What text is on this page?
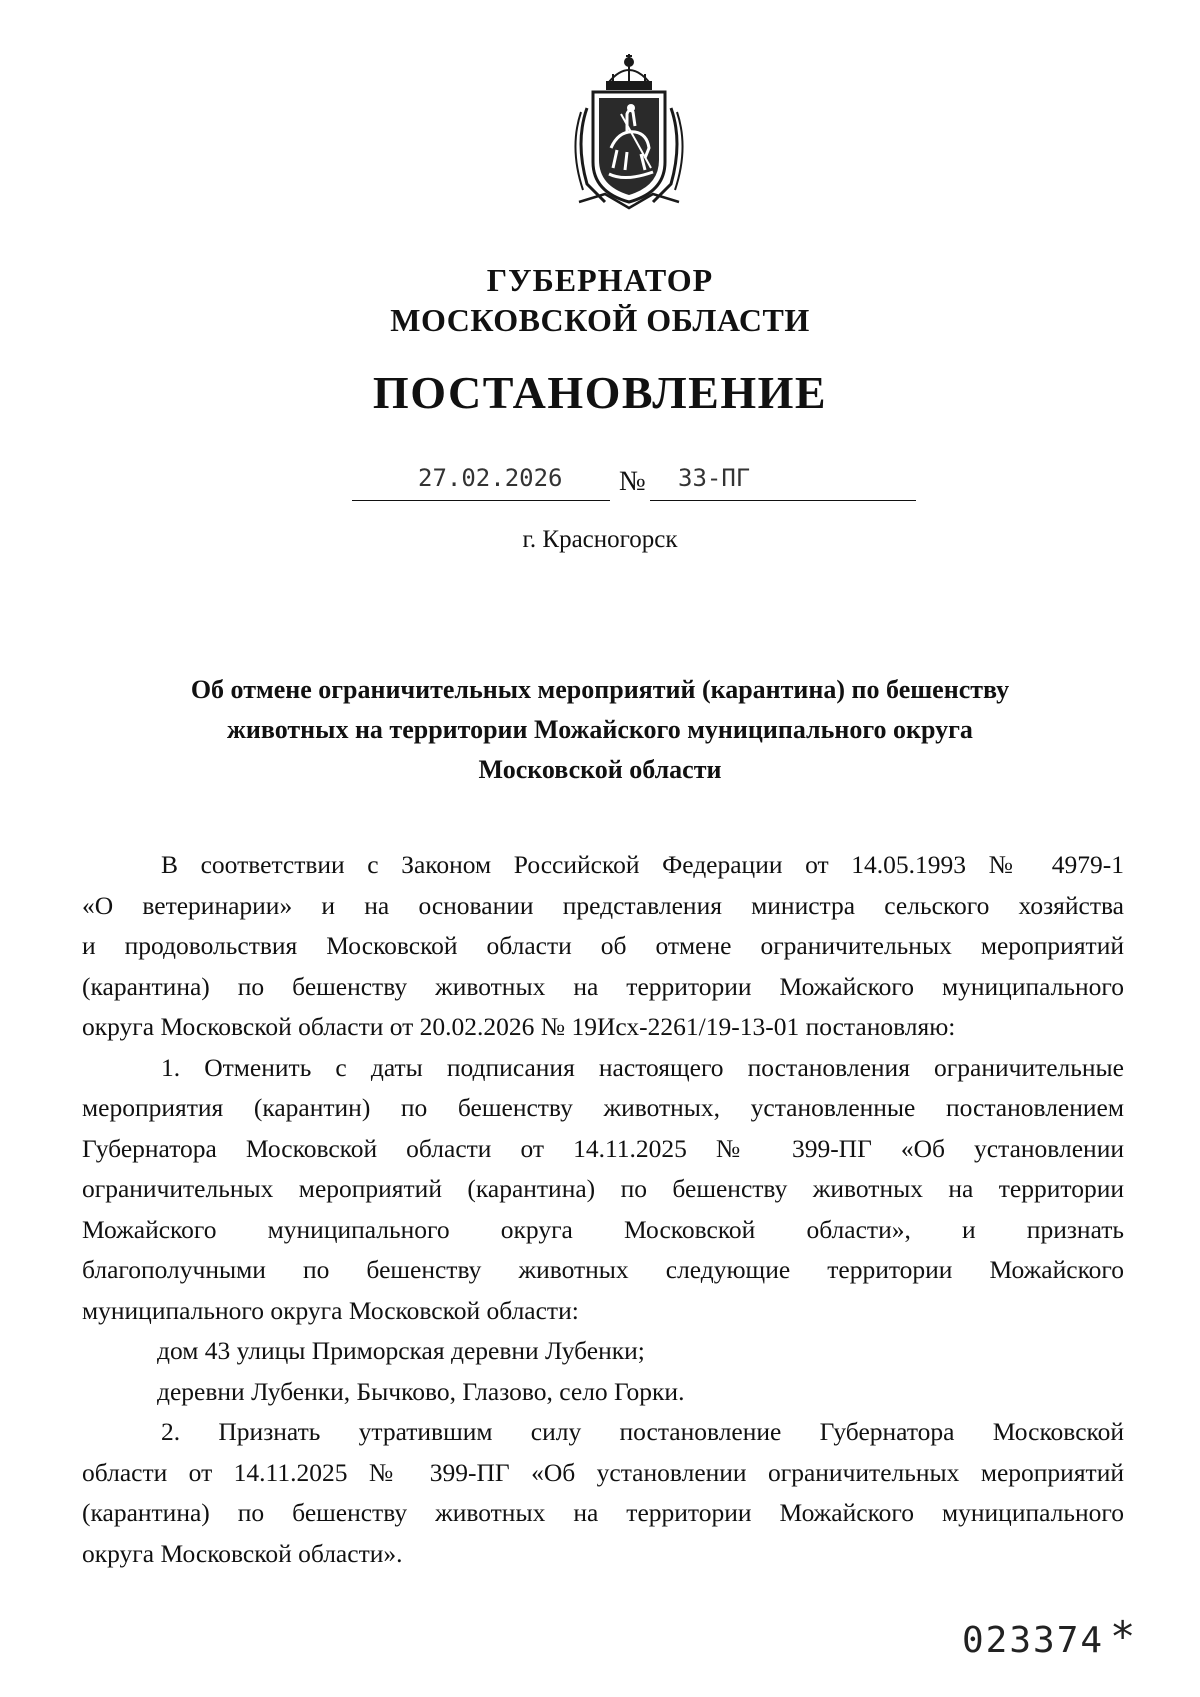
ГУБЕРНАТОР
МОСКОВСКОЙ ОБЛАСТИ
ПОСТАНОВЛЕНИЕ
27.02.2026 № 33-ПГ
г. Красногорск
Об отмене ограничительных мероприятий (карантина) по бешенству
животных на территории Можайского муниципального округа
Московской области
В соответствии с Законом Российской Федерации от 14.05.1993 № 4979-1
«О ветеринарии» и на основании представления министра сельского хозяйства
и продовольствия Московской области об отмене ограничительных мероприятий
(карантина) по бешенству животных на территории Можайского муниципального
округа Московской области от 20.02.2026 № 19Исх-2261/19-13-01 постановляю:
1. Отменить с даты подписания настоящего постановления ограничительные
мероприятия (карантин) по бешенству животных, установленные постановлением
Губернатора Московской области от 14.11.2025 № 399-ПГ «Об установлении
ограничительных мероприятий (карантина) по бешенству животных на территории
Можайского муниципального округа Московской области», и признать
благополучными по бешенству животных следующие территории Можайского
муниципального округа Московской области:
дом 43 улицы Приморская деревни Лубенки;
деревни Лубенки, Бычково, Глазово, село Горки.
2. Признать утратившим силу постановление Губернатора Московской
области от 14.11.2025 № 399-ПГ «Об установлении ограничительных мероприятий
(карантина) по бешенству животных на территории Можайского муниципального
округа Московской области».
023374 *
